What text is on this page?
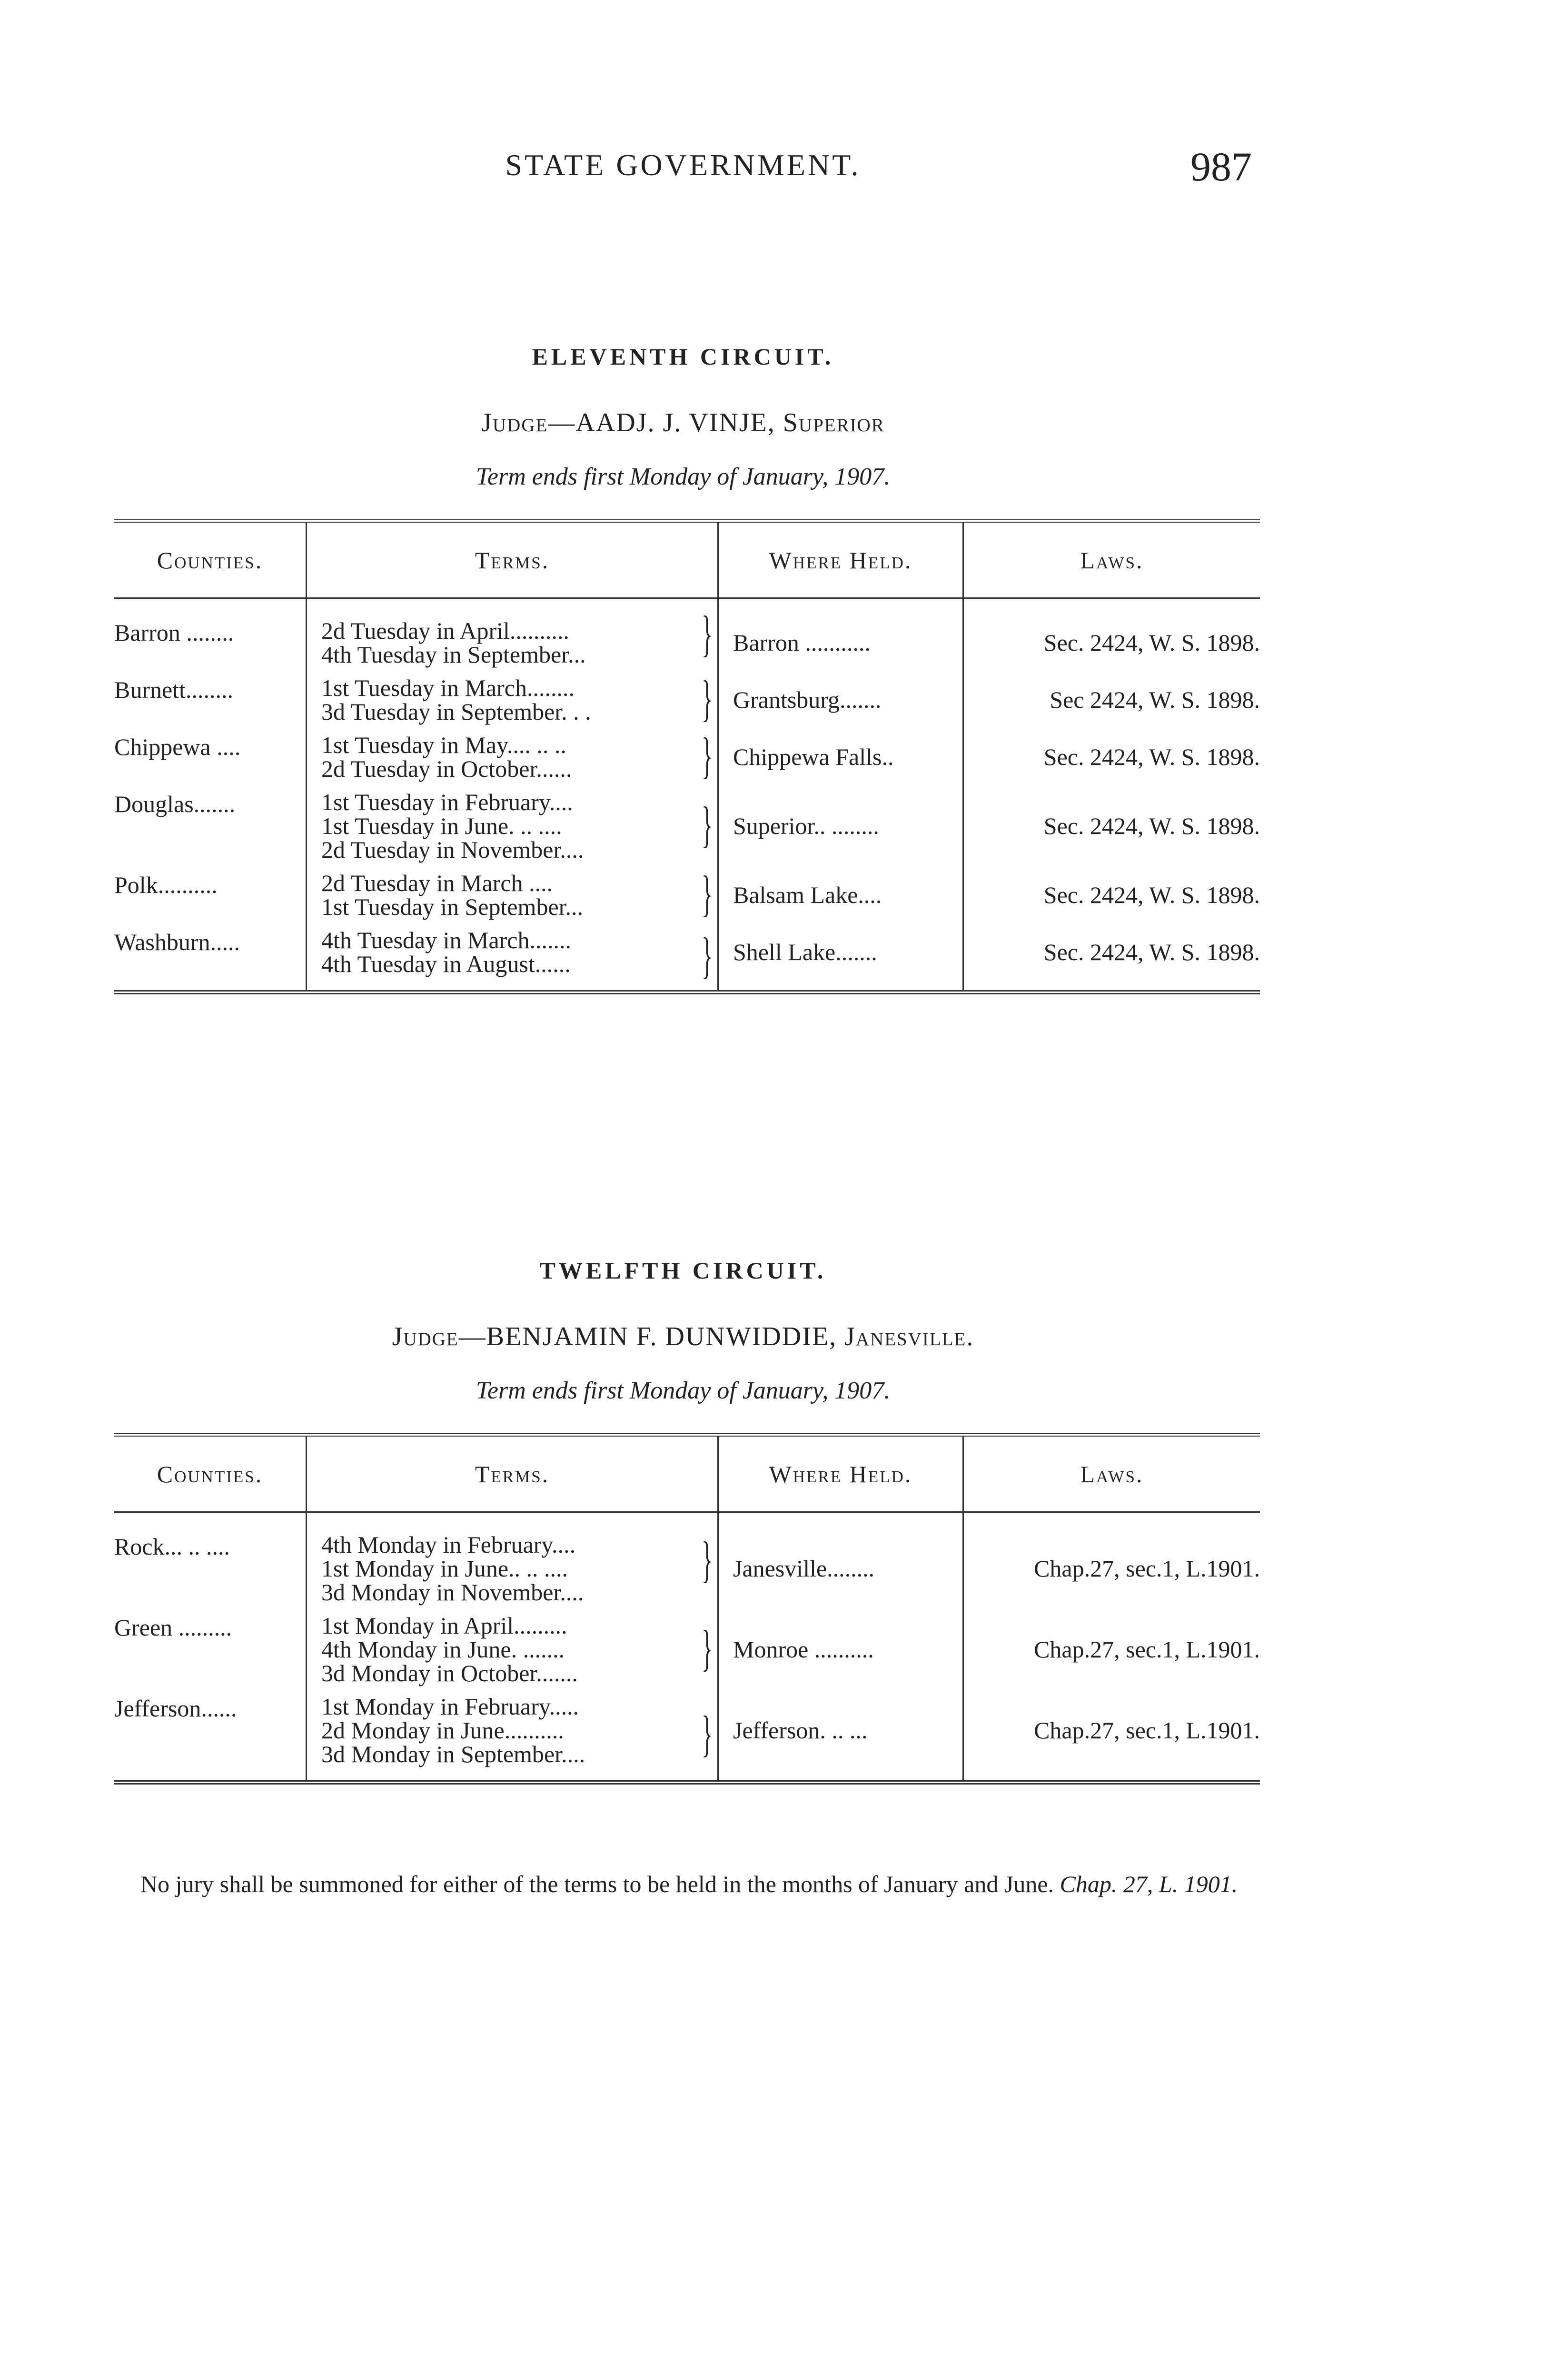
STATE GOVERNMENT.	987
ELEVENTH CIRCUIT.
Judge—AADJ. J. VINJE, Superior
Term ends first Monday of January, 1907.
Counties.	Terms.	Where Held.	Laws.
Barron ........	2d Tuesday in April..........
4th Tuesday in September... }	Barron ...........	Sec. 2424, W. S. 1898.
Burnett........	1st Tuesday in March........
3d Tuesday in September. . . }	Grantsburg.......	Sec 2424, W. S. 1898.
Chippewa ....	1st Tuesday in May.... .. ..
2d Tuesday in October...... }	Chippewa Falls..	Sec. 2424, W. S. 1898.
Douglas.......	1st Tuesday in February....
1st Tuesday in June. .. ....
2d Tuesday in November.... }	Superior.. ........	Sec. 2424, W. S. 1898.
Polk..........	2d Tuesday in March ....
1st Tuesday in September... }	Balsam Lake....	Sec. 2424, W. S. 1898.
Washburn.....	4th Tuesday in March.......
4th Tuesday in August...... }	Shell Lake.......	Sec. 2424, W. S. 1898.

TWELFTH CIRCUIT.
Judge—BENJAMIN F. DUNWIDDIE, Janesville.
Term ends first Monday of January, 1907.
Counties.	Terms.	Where Held.	Laws.
Rock... .. ....	4th Monday in February....
1st Monday in June.. .. ....
3d Monday in November....
}	Janesville........	Chap.27, sec.1, L.1901.
Green .........	1st Monday in April.........
4th Monday in June. .......
3d Monday in October....... }	Monroe ..........	Chap.27, sec.1, L.1901.
Jefferson......	1st Monday in February.....
2d Monday in June..........
3d Monday in September.... }	Jefferson. .. ...	Chap.27, sec.1, L.1901.

No jury shall be summoned for either of the terms to be held in the months of January and June. Chap. 27, L. 1901.
